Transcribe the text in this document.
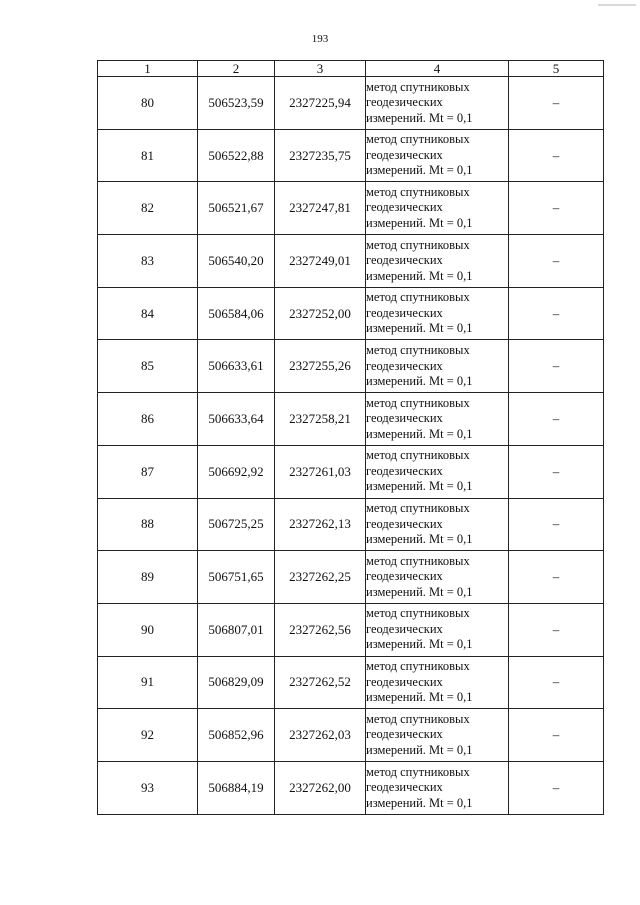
193
1	2	3	4	5
80	506523,59	2327225,94	метод спутниковых
геодезических
измерений. Mt = 0,1	–
81	506522,88	2327235,75	метод спутниковых
геодезических
измерений. Mt = 0,1	–
82	506521,67	2327247,81	метод спутниковых
геодезических
измерений. Mt = 0,1	–
83	506540,20	2327249,01	метод спутниковых
геодезических
измерений. Mt = 0,1	–
84	506584,06	2327252,00	метод спутниковых
геодезических
измерений. Mt = 0,1	–
85	506633,61	2327255,26	метод спутниковых
геодезических
измерений. Mt = 0,1	–
86	506633,64	2327258,21	метод спутниковых
геодезических
измерений. Mt = 0,1	–
87	506692,92	2327261,03	метод спутниковых
геодезических
измерений. Mt = 0,1	–
88	506725,25	2327262,13	метод спутниковых
геодезических
измерений. Mt = 0,1	–
89	506751,65	2327262,25	метод спутниковых
геодезических
измерений. Mt = 0,1	–
90	506807,01	2327262,56	метод спутниковых
геодезических
измерений. Mt = 0,1	–
91	506829,09	2327262,52	метод спутниковых
геодезических
измерений. Mt = 0,1	–
92	506852,96	2327262,03	метод спутниковых
геодезических
измерений. Mt = 0,1	–
93	506884,19	2327262,00	метод спутниковых
геодезических
измерений. Mt = 0,1	–
